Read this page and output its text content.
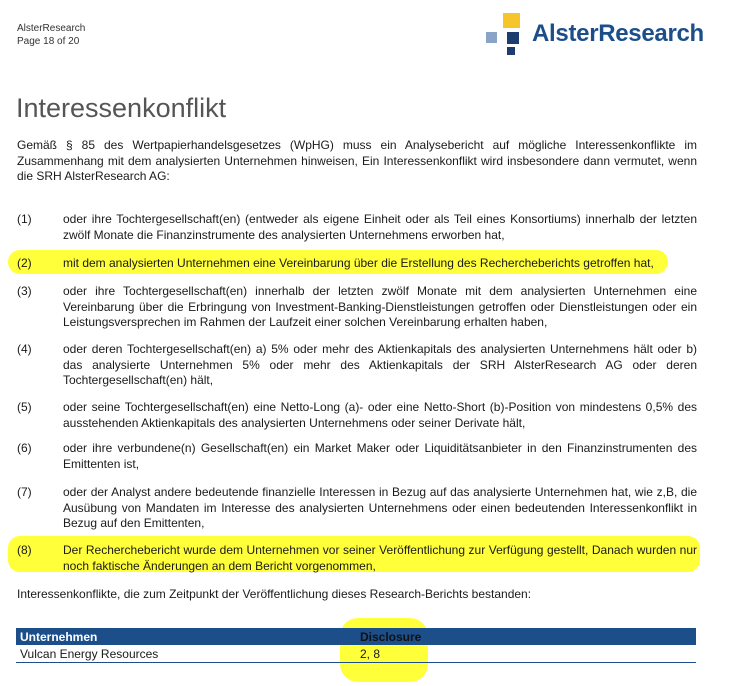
AlsterResearch
Page 18 of 20	AlsterResearch
Interessenkonflikt

Gemäß § 85 des Wertpapierhandelsgesetzes (WpHG) muss ein Analysebericht auf mögliche Interessenkonflikte im Zusammenhang mit dem analysierten Unternehmen hinweisen, Ein Interessenkonflikt wird insbesondere dann vermutet, wenn die SRH AlsterResearch AG:

(1)	oder ihre Tochtergesellschaft(en) (entweder als eigene Einheit oder als Teil eines Konsortiums) innerhalb der letzten zwölf Monate die Finanzinstrumente des analysierten Unternehmens erworben hat,
(2)	mit dem analysierten Unternehmen eine Vereinbarung über die Erstellung des Rechercheberichts getroffen hat,
(3)	oder ihre Tochtergesellschaft(en) innerhalb der letzten zwölf Monate mit dem analysierten Unternehmen eine Vereinbarung über die Erbringung von Investment-Banking-Dienstleistungen getroffen oder Dienstleistungen oder ein Leistungsversprechen im Rahmen der Laufzeit einer solchen Vereinbarung erhalten haben,
(4)	oder deren Tochtergesellschaft(en) a) 5% oder mehr des Aktienkapitals des analysierten Unternehmens hält oder b) das analysierte Unternehmen 5% oder mehr des Aktienkapitals der SRH AlsterResearch AG oder deren Tochtergesellschaft(en) hält,
(5)	oder seine Tochtergesellschaft(en) eine Netto-Long (a)- oder eine Netto-Short (b)-Position von mindestens 0,5% des ausstehenden Aktienkapitals des analysierten Unternehmens oder seiner Derivate hält,
(6)	oder ihre verbundene(n) Gesellschaft(en) ein Market Maker oder Liquiditätsanbieter in den Finanzinstrumenten des Emittenten ist,
(7)	oder der Analyst andere bedeutende finanzielle Interessen in Bezug auf das analysierte Unternehmen hat, wie z,B, die Ausübung von Mandaten im Interesse des analysierten Unternehmens oder einen bedeutenden Interessenkonflikt in Bezug auf den Emittenten,
(8)	Der Recherchebericht wurde dem Unternehmen vor seiner Veröffentlichung zur Verfügung gestellt, Danach wurden nur noch faktische Änderungen an dem Bericht vorgenommen,
Interessenkonflikte, die zum Zeitpunkt der Veröffentlichung dieses Research-Berichts bestanden:
Unternehmen	Disclosure
Vulcan Energy Resources	2, 8
